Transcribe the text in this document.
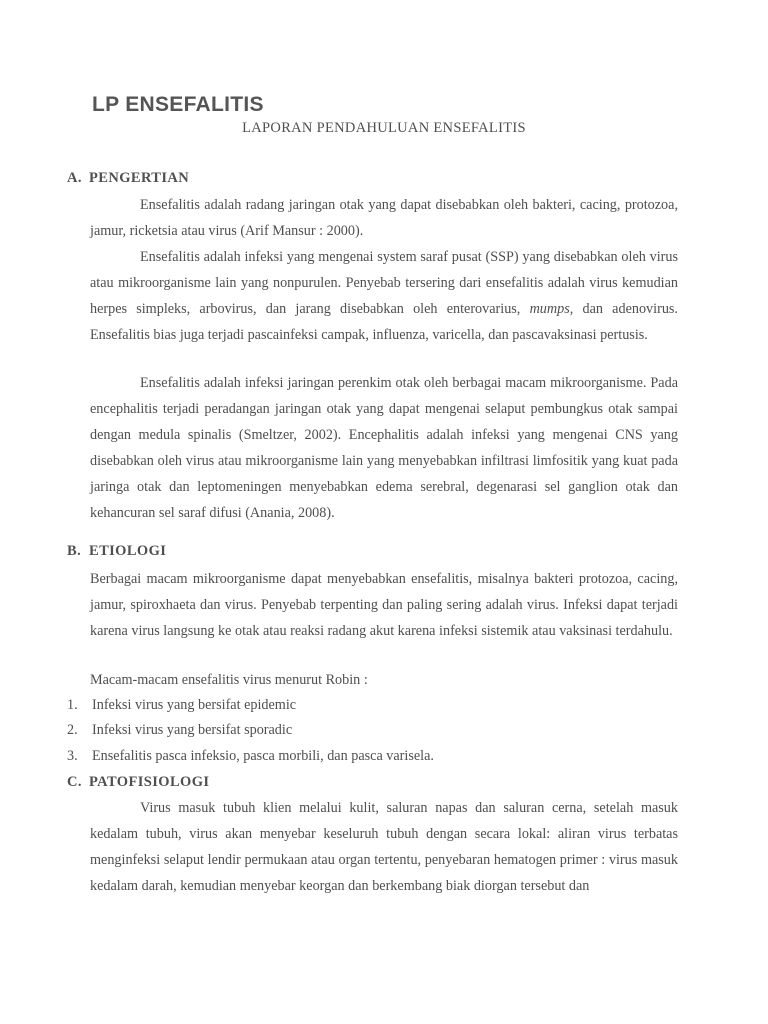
LP ENSEFALITIS
LAPORAN PENDAHULUAN ENSEFALITIS
A. PENGERTIAN

Ensefalitis adalah radang jaringan otak yang dapat disebabkan oleh bakteri, cacing, protozoa, jamur, ricketsia atau virus (Arif Mansur : 2000).

Ensefalitis adalah infeksi yang mengenai system saraf pusat (SSP) yang disebabkan oleh virus atau mikroorganisme lain yang nonpurulen. Penyebab tersering dari ensefalitis adalah virus kemudian herpes simpleks, arbovirus, dan jarang disebabkan oleh enterovarius, mumps, dan adenovirus. Ensefalitis bias juga terjadi pascainfeksi campak, influenza, varicella, dan pascavaksinasi pertusis.

Ensefalitis adalah infeksi jaringan perenkim otak oleh berbagai macam mikroorganisme. Pada encephalitis terjadi peradangan jaringan otak yang dapat mengenai selaput pembungkus otak sampai dengan medula spinalis (Smeltzer, 2002). Encephalitis adalah infeksi yang mengenai CNS yang disebabkan oleh virus atau mikroorganisme lain yang menyebabkan infiltrasi limfositik yang kuat pada jaringa otak dan leptomeningen menyebabkan edema serebral, degenarasi sel ganglion otak dan kehancuran sel saraf difusi (Anania, 2008).

B. ETIOLOGI

Berbagai macam mikroorganisme dapat menyebabkan ensefalitis, misalnya bakteri protozoa, cacing, jamur, spiroxhaeta dan virus. Penyebab terpenting dan paling sering adalah virus. Infeksi dapat terjadi karena virus langsung ke otak atau reaksi radang akut karena infeksi sistemik atau vaksinasi terdahulu.

Macam-macam ensefalitis virus menurut Robin :

1. Infeksi virus yang bersifat epidemic
2. Infeksi virus yang bersifat sporadic
3. Ensefalitis pasca infeksio, pasca morbili, dan pasca varisela.
C. PATOFISIOLOGI

Virus masuk tubuh klien melalui kulit, saluran napas dan saluran cerna, setelah masuk kedalam tubuh, virus akan menyebar keseluruh tubuh dengan secara lokal: aliran virus terbatas menginfeksi selaput lendir permukaan atau organ tertentu, penyebaran hematogen primer : virus masuk kedalam darah, kemudian menyebar keorgan dan berkembang biak diorgan tersebut dan
